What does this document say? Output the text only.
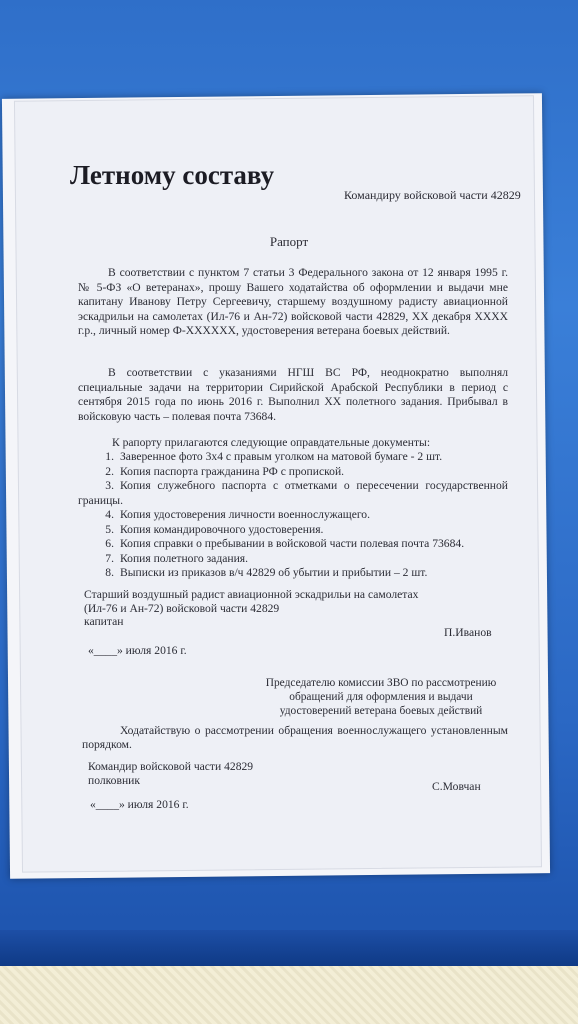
Летному составу
Командиру войсковой части 42829
Рапорт
В соответствии с пунктом 7 статьи 3 Федерального закона от 12 января 1995 г. № 5-ФЗ «О ветеранах», прошу Вашего ходатайства об оформлении и выдачи мне капитану Иванову Петру Сергеевичу, старшему воздушному радисту авиационной эскадрильи на самолетах (Ил-76 и Ан-72) войсковой части 42829, ХХ декабря ХХХХ г.р., личный номер Ф-ХХХХХХ, удостоверения ветерана боевых действий.
В соответствии с указаниями НГШ ВС РФ, неоднократно выполнял специальные задачи на территории Сирийской Арабской Республики в период с сентября 2015 года по июнь 2016 г. Выполнил ХХ полетного задания. Прибывал в войсковую часть – полевая почта 73684.
К рапорту прилагаются следующие оправдательные документы:
1. Заверенное фото 3х4 с правым уголком на матовой бумаге - 2 шт.
2. Копия паспорта гражданина РФ с пропиской.
3. Копия служебного паспорта с отметками о пересечении государственной границы.
4. Копия удостоверения личности военнослужащего.
5. Копия командировочного удостоверения.
6. Копия справки о пребывании в войсковой части полевая почта 73684.
7. Копия полетного задания.
8. Выписки из приказов в/ч 42829 об убытии и прибытии – 2 шт.
Старший воздушный радист авиационной эскадрильи на самолетах
(Ил-76 и Ан-72) войсковой части 42829
капитан
П.Иванов
«____» июля 2016 г.
Председателю комиссии ЗВО по рассмотрению
обращений для оформления и выдачи
удостоверений ветерана боевых действий
Ходатайствую о рассмотрении обращения военнослужащего установленным порядком.
Командир войсковой части 42829
полковник	С.Мовчан
«____» июля 2016 г.
